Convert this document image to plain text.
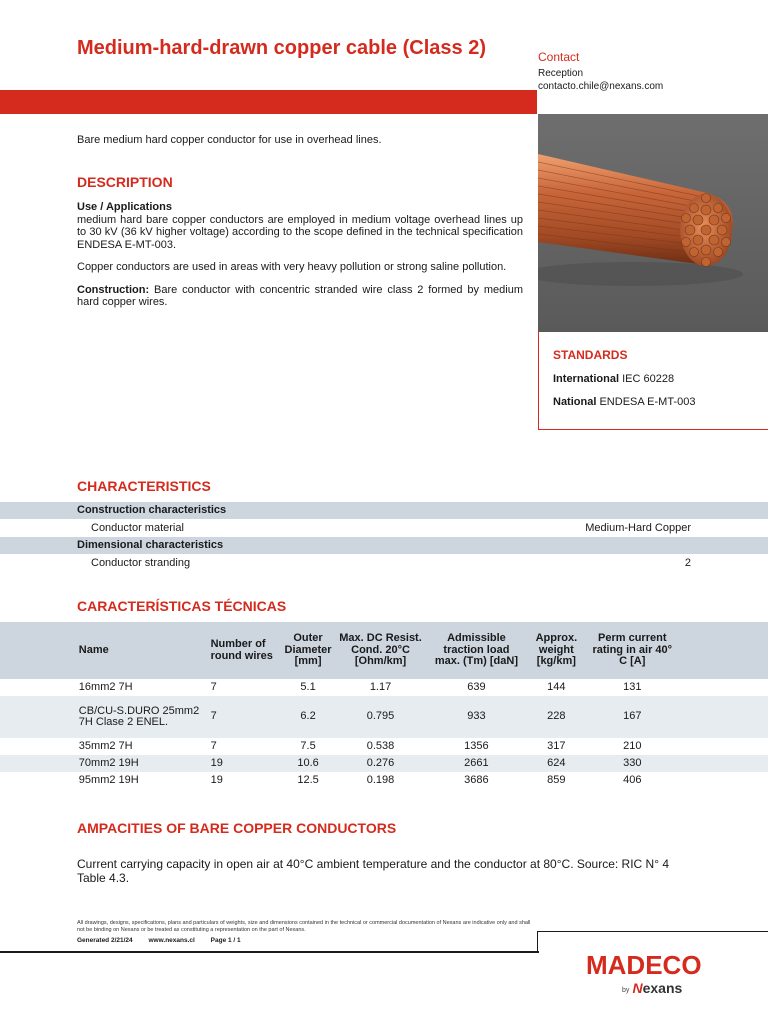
Medium-hard-drawn copper cable (Class 2)	Contact
Reception
contacto.chile@nexans.com
STANDARDS
International IEC 60228
National ENDESA E-MT-003
Bare medium hard copper conductor for use in overhead lines.
DESCRIPTION

Use / Applications
medium hard bare copper conductors are employed in medium voltage overhead lines up to 30 kV (36 kV higher voltage) according to the scope defined in the technical specification ENDESA E-MT-003.

Copper conductors are used in areas with very heavy pollution or strong saline pollution.

Construction: Bare conductor with concentric stranded wire class 2 formed by medium hard copper wires.

CHARACTERISTICS
Construction characteristics
Conductor material	Medium-Hard Copper
Dimensional characteristics
Conductor stranding	2
CARACTERÍSTICAS TÉCNICAS
	Name	Number of round wires	Outer Diameter [mm]	Max. DC Resist. Cond. 20°C [Ohm/km]	Admissible traction load max. (Tm) [daN]	Approx. weight [kg/km]	Perm current rating in air 40° C [A]	
	16mm2 7H	7	5.1	1.17	639	144	131	
	CB/CU-S.DURO 25mm2 7H Clase 2 ENEL.	7	6.2	0.795	933	228	167	
	35mm2 7H	7	7.5	0.538	1356	317	210	
	70mm2 19H	19	10.6	0.276	2661	624	330	
	95mm2 19H	19	12.5	0.198	3686	859	406	
AMPACITIES OF BARE COPPER CONDUCTORS
Current carrying capacity in open air at 40°C ambient temperature and the conductor at 80°C. Source: RIC N° 4 Table 4.3.
All drawings, designs, specifications, plans and particulars of weights, size and dimensions contained in the technical or commercial documentation of Nexans are indicative only and shall not be binding on Nexans or be treated as constituting a representation on the part of Nexans.
Generated 2/21/24 www.nexans.cl Page 1 / 1
MADECO
by Nexans
